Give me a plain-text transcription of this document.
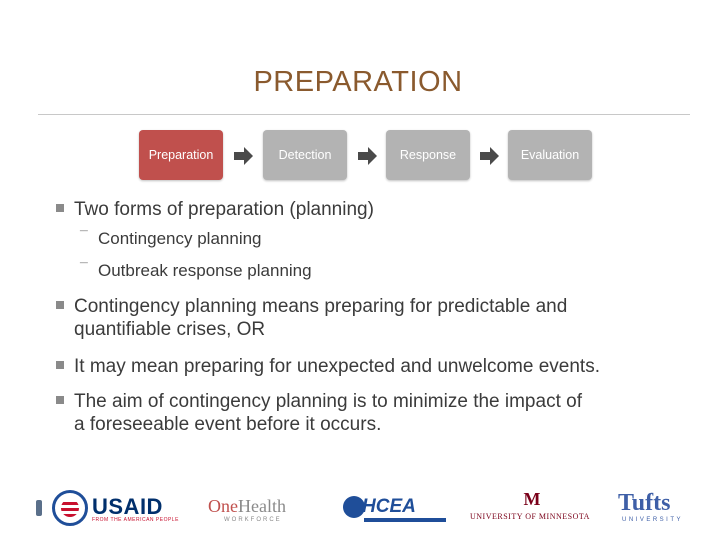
PREPARATION
Preparation	Detection	Response	Evaluation
Two forms of preparation (planning)
¯ Contingency planning
¯ Outbreak response planning
Contingency planning means preparing for predictable and
quantifiable crises, OR
It may mean preparing for unexpected and unwelcome events.
The aim of contingency planning is to minimize the impact of
a foreseeable event before it occurs.
USAID
FROM THE AMERICAN PEOPLE
OneHealth
WORKFORCE
HCEA	M
UNIVERSITY OF MINNESOTA
Tufts
UNIVERSITY
